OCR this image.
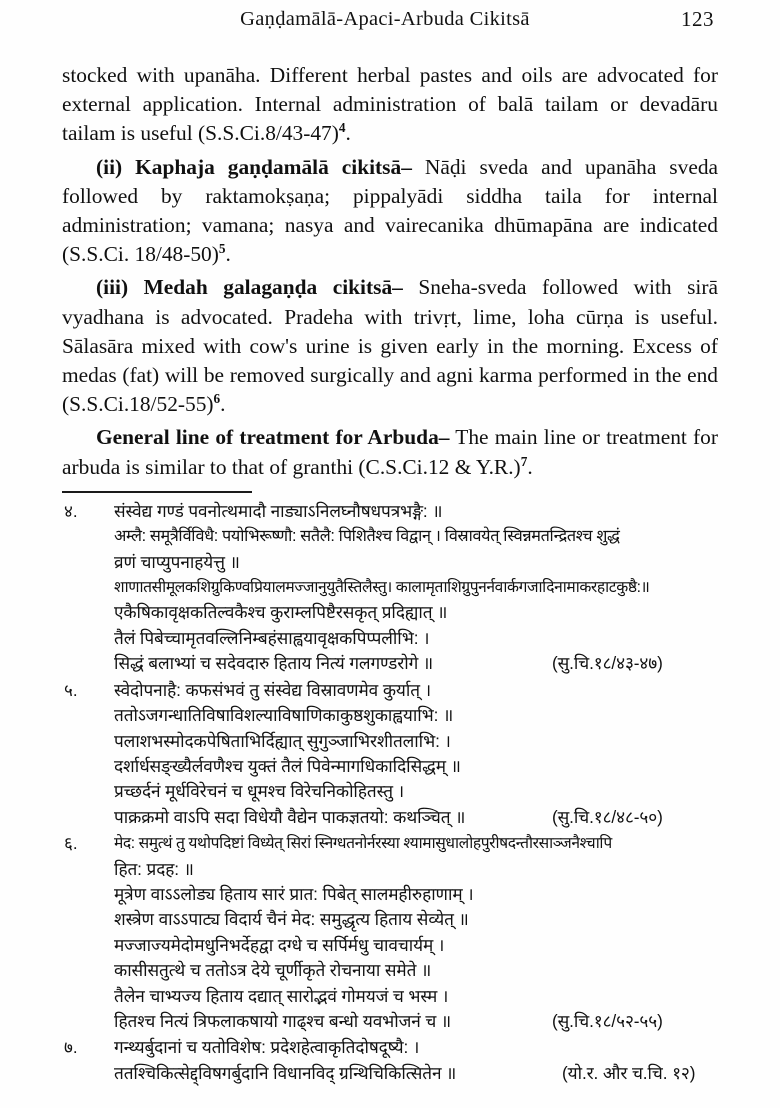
Gaṇḍamālā-Apaci-Arbuda Cikitsā	123

stocked with upanāha. Different herbal pastes and oils are advocated for external application. Internal administration of balā tailam or devadāru tailam is useful $(S.S.Ci.8/43-47)^4$.

(ii) Kaphaja gaṇḍamālā cikitsā– Nāḍi sveda and upanāha sveda followed by raktamokṣaṇa; pippalyādi siddha taila for internal administration; vamana; nasya and vairecanika dhūmapāna are indicated (S.S.Ci. 18/48-50)$^5$.

(iii) Medah galagaṇḍa cikitsā– Sneha-sveda followed with sirā vyadhana is advocated. Pradeha with trivṛt, lime, loha cūrṇa is useful. Sālasāra mixed with cow's urine is given early in the morning. Excess of medas (fat) will be removed surgically and agni karma performed in the end $(S.S.Ci.18/52-55)^6$.

General line of treatment for Arbuda– The main line or treatment for arbuda is similar to that of granthi (C.S.Ci.12 & Y.R.)$^7$.

४.	संस्वेद्य गण्डं पवनोत्थमादौ नाड्याऽनिलघ्नौषधपत्रभङ्गै: ॥
अम्लै: समूत्रैर्विविधै: पयोभिरूष्णौ: सतैलै: पिशितैश्च विद्वान् । विस्रावयेत् स्विन्नमतन्द्रितश्च शुद्धं
व्रणं चाप्युपनाहयेत्तु ॥
शाणातसीमूलकशिग्रुकिण्वप्रियालमज्जानुयुतैस्तिलैस्तु। कालामृताशिग्रुपुनर्नवार्कगजादिनामाकरहाटकुष्ठै:॥
एकैषिकावृक्षकतिल्वकैश्च कुराम्लपिष्टैरसकृत् प्रदिह्यात् ॥
तैलं पिबेच्चामृतवल्लिनिम्बहंसाह्वयावृक्षकपिप्पलीभि: ।
सिद्धं बलाभ्यां च सदेवदारु हिताय नित्यं गलगण्डरोगे ॥	(सु.चि.१८/४३-४७)
५.	स्वेदोपनाहै: कफसंभवं तु संस्वेद्य विस्रावणमेव कुर्यात् ।
ततोऽजगन्धातिविषाविशल्याविषाणिकाकुष्ठशुकाह्वयाभि: ॥
पलाशभस्मोदकपेषिताभिर्दिह्यात् सुगुञ्जाभिरशीतलाभि: ।
दर्शार्धसङ्ख्यैर्लवणैश्च युक्तं तैलं पिवेन्मागधिकादिसिद्धम् ॥
प्रच्छर्दनं मूर्धविरेचनं च धूमश्च विरेचनिकोहितस्तु ।
पाक्रक्रमो वाऽपि सदा विधेयौ वैद्येन पाकज्ञतयो: कथञ्चित् ॥	(सु.चि.१८/४८-५०)
६.	मेद: समुत्थं तु यथोपदिष्टां विध्येत् सिरां स्निग्धतनोर्नरस्या श्यामासुधालोहपुरीषदन्तौरसाञ्जनैश्चापि
हित: प्रदह: ॥
मूत्रेण वाऽऽलोड्य हिताय सारं प्रात: पिबेत् सालमहीरुहाणाम् ।
शस्त्रेण वाऽऽपाट्य विदार्य चैनं मेद: समुद्धृत्य हिताय सेव्येत् ॥
मज्जाज्यमेदोमधुनिभर्देहद्वा दग्धे च सर्पिर्मधु चावचार्यम् ।
कासीसतुत्थे च ततोऽत्र देये चूर्णीकृते रोचनाया समेते ॥
तैलेन चाभ्यज्य हिताय दद्यात् सारोद्भवं गोमयजं च भस्म ।
हितश्च नित्यं त्रिफलाकषायो गाढ्श्च बन्धो यवभोजनं च ॥	(सु.चि.१८/५२-५५)
७.	गन्थ्यर्बुदानां च यतोविशेष: प्रदेशहेत्वाकृतिदोषदूष्यै: ।
ततश्चिकित्सेद्द्विषगर्बुदानि विधानविद् ग्रन्थिचिकित्सितेन ॥	(यो.र. और च.चि. १२)
